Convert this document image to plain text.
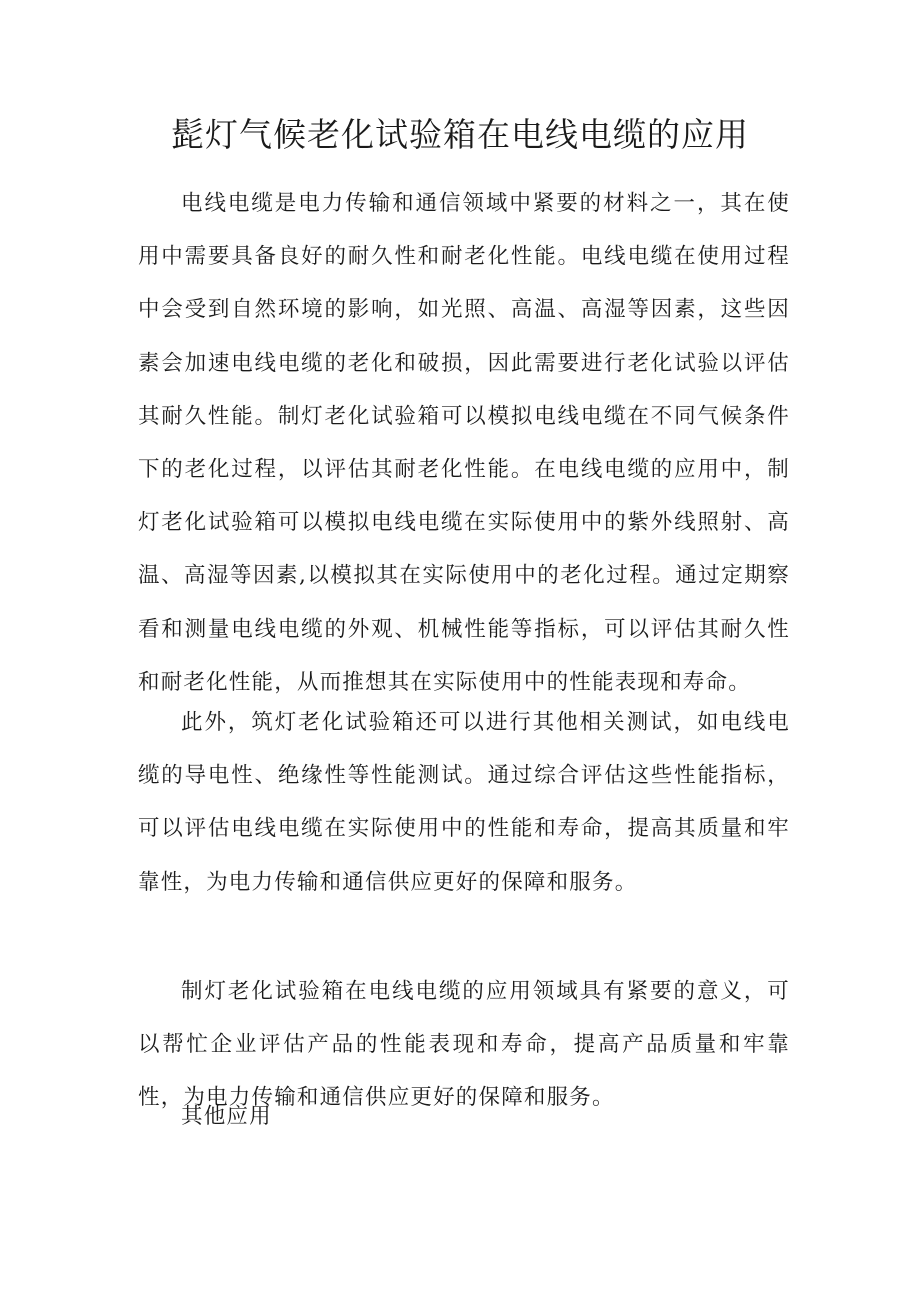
髭灯气候老化试验箱在电线电缆的应用

电线电缆是电力传输和通信领域中紧要的材料之一，其在使用中需要具备良好的耐久性和耐老化性能。电线电缆在使用过程中会受到自然环境的影响，如光照、高温、高湿等因素，这些因素会加速电线电缆的老化和破损，因此需要进行老化试验以评估其耐久性能。制灯老化试验箱可以模拟电线电缆在不同气候条件下的老化过程，以评估其耐老化性能。在电线电缆的应用中，制灯老化试验箱可以模拟电线电缆在实际使用中的紫外线照射、高温、高湿等因素,以模拟其在实际使用中的老化过程。通过定期察看和测量电线电缆的外观、机械性能等指标，可以评估其耐久性和耐老化性能，从而推想其在实际使用中的性能表现和寿命。

此外，筑灯老化试验箱还可以进行其他相关测试，如电线电缆的导电性、绝缘性等性能测试。通过综合评估这些性能指标，可以评估电线电缆在实际使用中的性能和寿命，提高其质量和牢靠性，为电力传输和通信供应更好的保障和服务。

制灯老化试验箱在电线电缆的应用领域具有紧要的意义，可以帮忙企业评估产品的性能表现和寿命，提高产品质量和牢靠性，为电力传输和通信供应更好的保障和服务。

其他应用
